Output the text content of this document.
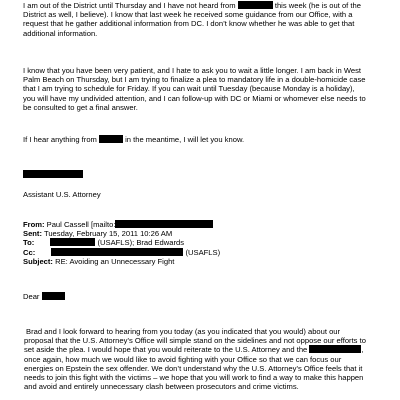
I am out of the District until Thursday and I have not heard from	this week (he is out of the
District as well, I believe). I know that last week he received some guidance from our Office, with a
request that he gather additional information from DC. I don’t know whether he was able to get that
additional information.
I know that you have been very patient, and I hate to ask you to wait a little longer. I am back in West
Palm Beach on Thursday, but I am trying to finalize a plea to mandatory life in a double-homicide case
that I am trying to schedule for Friday. If you can wait until Tuesday (because Monday is a holiday),
you will have my undivided attention, and I can follow-up with DC or Miami or whomever else needs to
be consulted to get a final answer.
If I hear anything from	in the meantime, I will let you know.
Assistant U.S. Attorney
From: Paul Cassell [mailto:
Sent: Tuesday, February 15, 2011 10:26 AM
To:	(USAFLS); Brad Edwards
Cc:	(USAFLS)
Subject: RE: Avoiding an Unnecessary Fight
Dear
Brad and I look forward to hearing from you today (as you indicated that you would) about our
proposal that the U.S. Attorney’s Office will simple stand on the sidelines and not oppose our efforts to
set aside the plea. I would hope that you would reiterate to the U.S. Attorney and the	,
once again, how much we would like to avoid fighting with your Office so that we can focus our
energies on Epstein the sex offender. We don’t understand why the U.S. Attorney’s Office feels that it
needs to join this fight with the victims – we hope that you will work to find a way to make this happen
and avoid and entirely unnecessary clash between prosecutors and crime victims.
